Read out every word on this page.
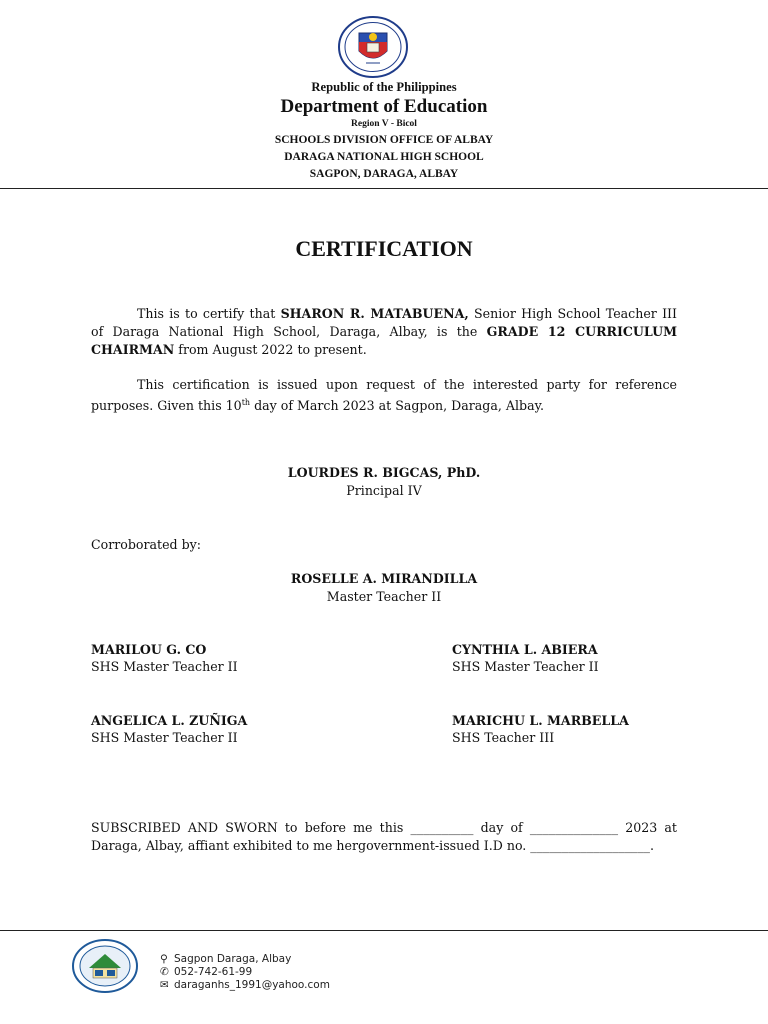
Republic of the Philippines
Department of Education
Region V - Bicol
SCHOOLS DIVISION OFFICE OF ALBAY
DARAGA NATIONAL HIGH SCHOOL
SAGPON, DARAGA, ALBAY
CERTIFICATION
This is to certify that SHARON R. MATABUENA, Senior High School Teacher III of Daraga National High School, Daraga, Albay, is the GRADE 12 CURRICULUM CHAIRMAN from August 2022 to present.
This certification is issued upon request of the interested party for reference purposes. Given this 10th day of March 2023 at Sagpon, Daraga, Albay.
LOURDES R. BIGCAS, PhD.
Principal IV
Corroborated by:
ROSELLE A. MIRANDILLA
Master Teacher II
MARILOU G. CO
SHS Master Teacher II
CYNTHIA L. ABIERA
SHS Master Teacher II
ANGELICA L. ZUÑIGA
SHS Master Teacher II
MARICHU L. MARBELLA
SHS Teacher III
SUBSCRIBED AND SWORN to before me this __________ day of ______________ 2023 at Daraga, Albay, affiant exhibited to me hergovernment-issued I.D no. ___________________.
⚲ Sagpon Daraga, Albay
✆ 052-742-61-99
✉ daraganhs_1991@yahoo.com
